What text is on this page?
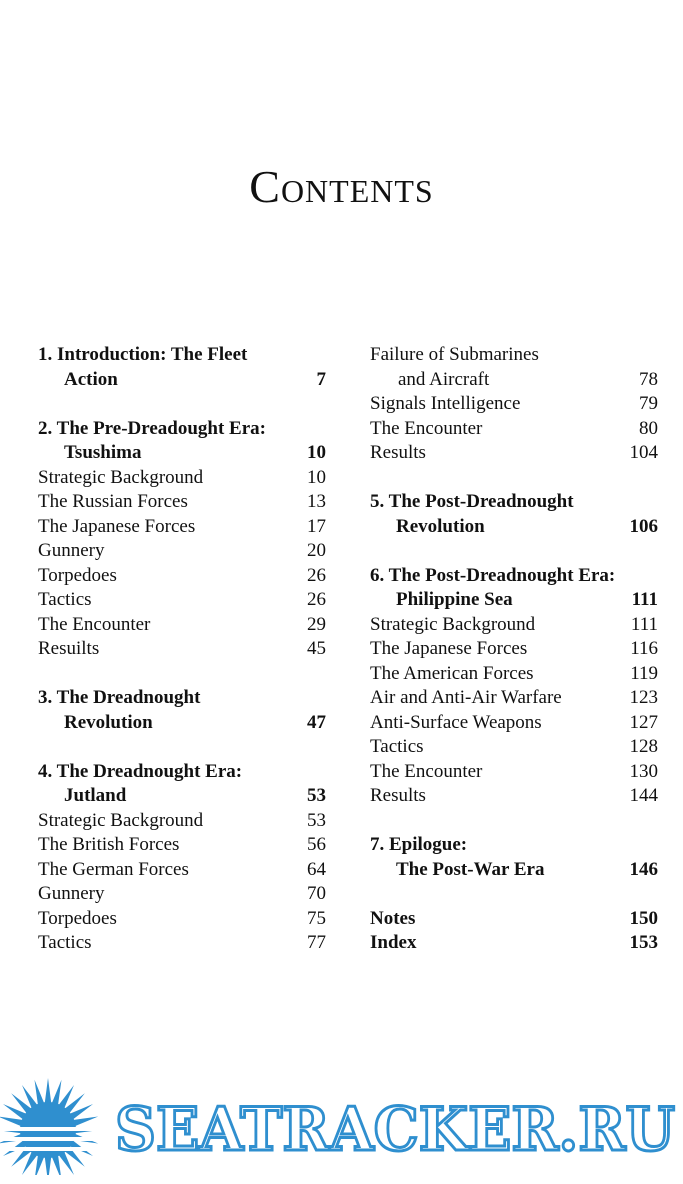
Contents
1. Introduction: The Fleet
Action	7
2. The Pre-Dreadought Era:
Tsushima	10
Strategic Background	10
The Russian Forces	13
The Japanese Forces	17
Gunnery	20
Torpedoes	26
Tactics	26
The Encounter	29
Resuilts	45
3. The Dreadnought
Revolution	47
4. The Dreadnought Era:
Jutland	53
Strategic Background	53
The British Forces	56
The German Forces	64
Gunnery	70
Torpedoes	75
Tactics	77
Failure of Submarines
and Aircraft	78
Signals Intelligence	79
The Encounter	80
Results	104
5. The Post-Dreadnought
Revolution	106
6. The Post-Dreadnought Era:
Philippine Sea	111
Strategic Background	111
The Japanese Forces	116
The American Forces	119
Air and Anti-Air Warfare	123
Anti-Surface Weapons	127
Tactics	128
The Encounter	130
Results	144
7. Epilogue:
The Post-War Era	146
Notes	150
Index	153
SEATRACKER.RU
